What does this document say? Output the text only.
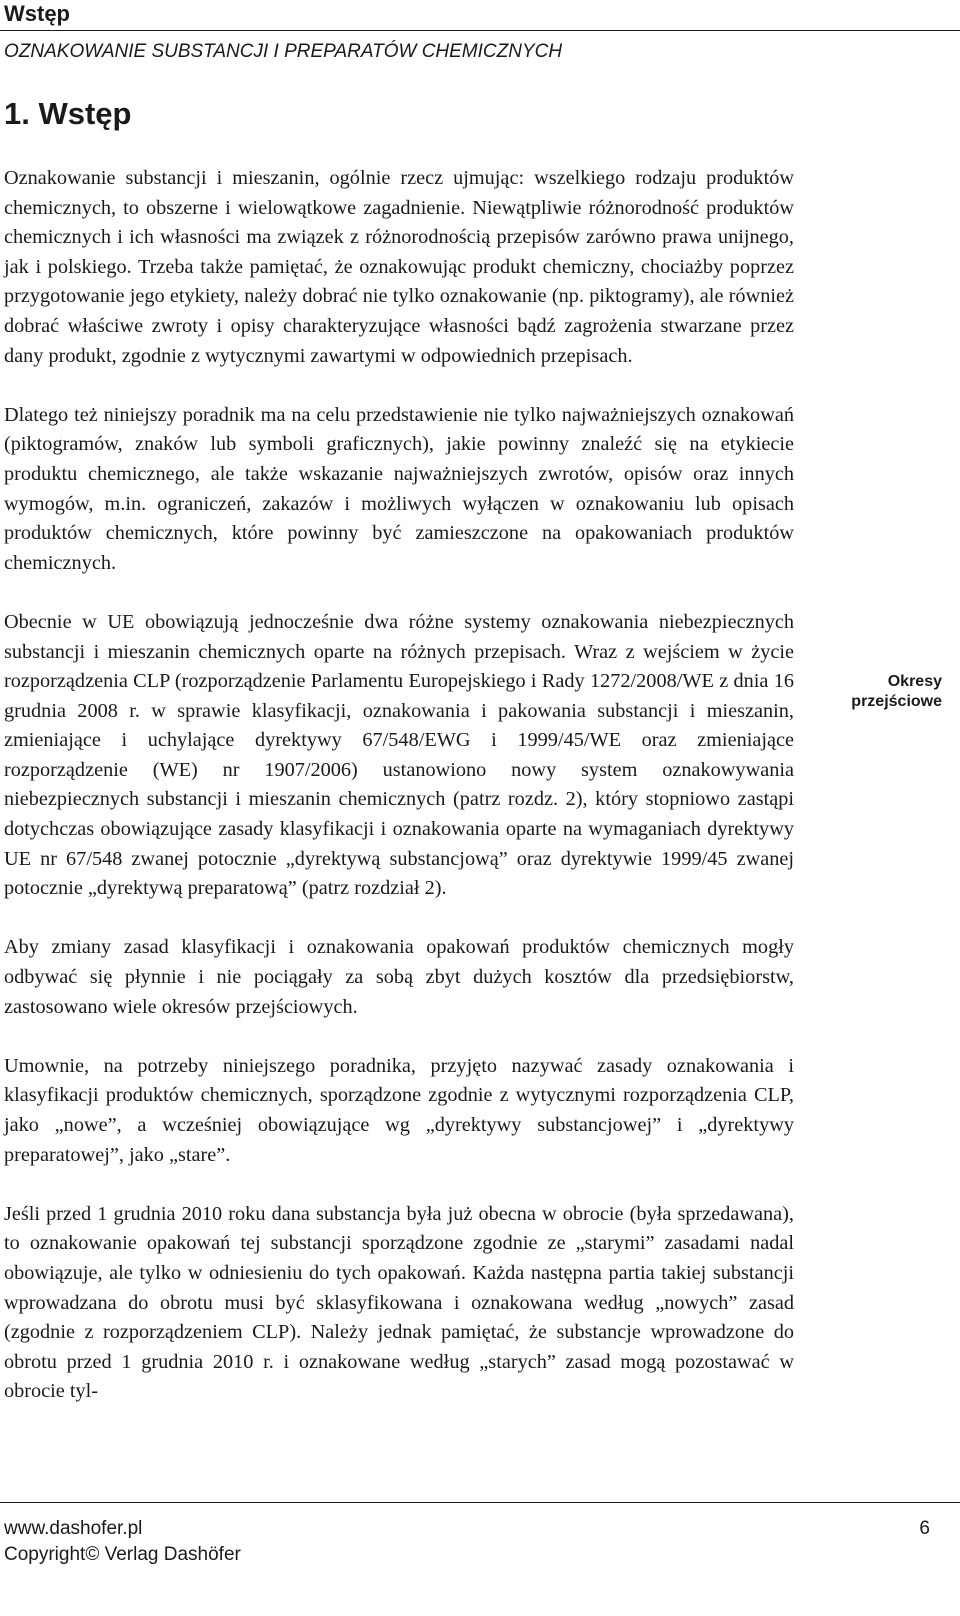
Wstęp
OZNAKOWANIE SUBSTANCJI I PREPARATÓW CHEMICZNYCH
1. Wstęp

Oznakowanie substancji i mieszanin, ogólnie rzecz ujmując: wszelkiego rodzaju produktów chemicznych, to obszerne i wielowątkowe zagadnienie. Niewątpliwie różnorodność produktów chemicznych i ich własności ma związek z różnorodnością przepisów zarówno prawa unijnego, jak i polskiego. Trzeba także pamiętać, że oznakowując produkt chemiczny, chociażby poprzez przygotowanie jego etykiety, należy dobrać nie tylko oznakowanie (np. piktogramy), ale również dobrać właściwe zwroty i opisy charakteryzujące własności bądź zagrożenia stwarzane przez dany produkt, zgodnie z wytycznymi zawartymi w odpowiednich przepisach.

Dlatego też niniejszy poradnik ma na celu przedstawienie nie tylko najważniejszych oznakowań (piktogramów, znaków lub symboli graficznych), jakie powinny znaleźć się na etykiecie produktu chemicznego, ale także wskazanie najważniejszych zwrotów, opisów oraz innych wymogów, m.in. ograniczeń, zakazów i możliwych wyłączen w oznakowaniu lub opisach produktów chemicznych, które powinny być zamieszczone na opakowaniach produktów chemicznych.

Obecnie w UE obowiązują jednocześnie dwa różne systemy oznakowania niebezpiecznych substancji i mieszanin chemicznych oparte na różnych przepisach. Wraz z wejściem w życie rozporządzenia CLP (rozporządzenie Parlamentu Europejskiego i Rady 1272/2008/WE z dnia 16 grudnia 2008 r. w sprawie klasyfikacji, oznakowania i pakowania substancji i mieszanin, zmieniające i uchylające dyrektywy 67/548/EWG i 1999/45/WE oraz zmieniające rozporządzenie (WE) nr 1907/2006) ustanowiono nowy system oznakowywania niebezpiecznych substancji i mieszanin chemicznych (patrz rozdz. 2), który stopniowo zastąpi dotychczas obowiązujące zasady klasyfikacji i oznakowania oparte na wymaganiach dyrektywy UE nr 67/548 zwanej potocznie „dyrektywą substancjową” oraz dyrektywie 1999/45 zwanej potocznie „dyrektywą preparatową” (patrz rozdział 2).

Aby zmiany zasad klasyfikacji i oznakowania opakowań produktów chemicznych mogły odbywać się płynnie i nie pociągały za sobą zbyt dużych kosztów dla przedsiębiorstw, zastosowano wiele okresów przejściowych.

Umownie, na potrzeby niniejszego poradnika, przyjęto nazywać zasady oznakowania i klasyfikacji produktów chemicznych, sporządzone zgodnie z wytycznymi rozporządzenia CLP, jako „nowe”, a wcześniej obowiązujące wg „dyrektywy substancjowej” i „dyrektywy preparatowej”, jako „stare”.

Jeśli przed 1 grudnia 2010 roku dana substancja była już obecna w obrocie (była sprzedawana), to oznakowanie opakowań tej substancji sporządzone zgodnie ze „starymi” zasadami nadal obowiązuje, ale tylko w odniesieniu do tych opakowań. Każda następna partia takiej substancji wprowadzana do obrotu musi być sklasyfikowana i oznakowana według „nowych” zasad (zgodnie z rozporządzeniem CLP). Należy jednak pamiętać, że substancje wprowadzone do obrotu przed 1 grudnia 2010 r. i oznakowane według „starych” zasad mogą pozostawać w obrocie tyl-

Okresy
przejściowe
www.dashofer.pl
Copyright© Verlag Dashöfer
6
